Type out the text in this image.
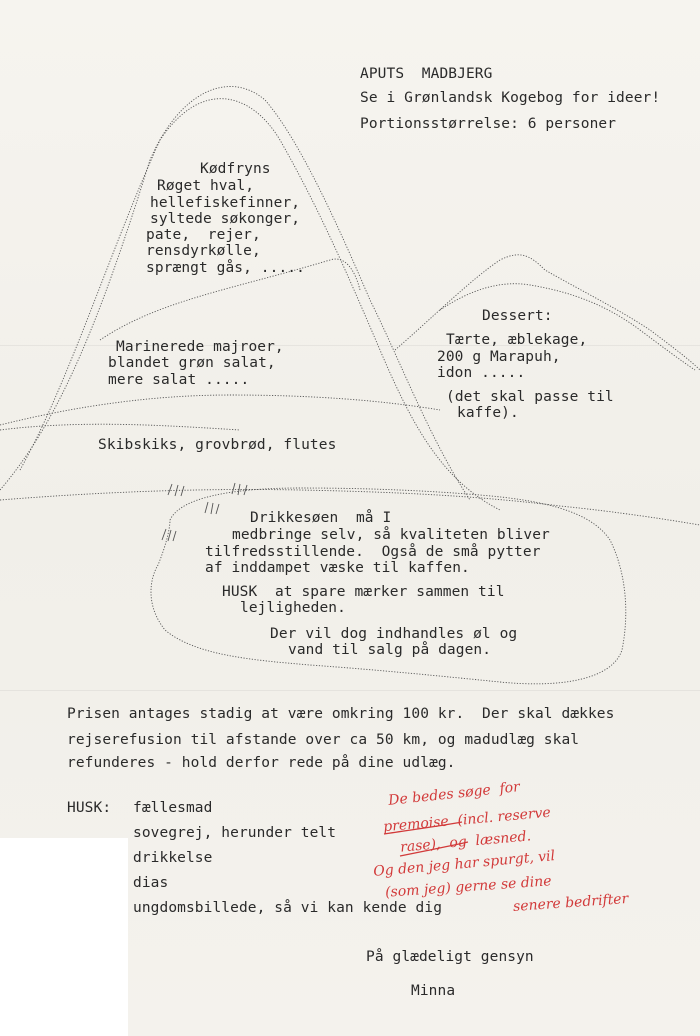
APUTS  MADBJERG
Se i Grønlandsk Kogebog for ideer!
Portionsstørrelse: 6 personer
Kødfryns
Røget hval,
hellefiskefinner,
syltede søkonger,
pate,  rejer,
rensdyrkølle,
sprængt gås, .....
Marinerede majroer,
blandet grøn salat,
mere salat .....
Dessert:
Tærte, æblekage,
200 g Marapuh,
idon .....
(det skal passe til
kaffe).
Skibskiks, grovbrød, flutes
Drikkesøen  må I
medbringe selv, så kvaliteten bliver
tilfredsstillende.  Også de små pytter
af inddampet væske til kaffen.
HUSK  at spare mærker sammen til
lejligheden.
Der vil dog indhandles øl og
vand til salg på dagen.
Prisen antages stadig at være omkring 100 kr.  Der skal dækkes
rejserefusion til afstande over ca 50 km, og madudlæg skal
refunderes - hold derfor rede på dine udlæg.
HUSK: fællesmad
sovegrej, herunder telt
drikkelse
dias
ungdomsbillede, så vi kan kende dig
På glædeligt gensyn
Minna
De bedes søge  for
premoise  (incl. reserve
rase),  og  læsned.
Og den jeg har spurgt, vil
(som jeg) gerne se dine
senere bedrifter
